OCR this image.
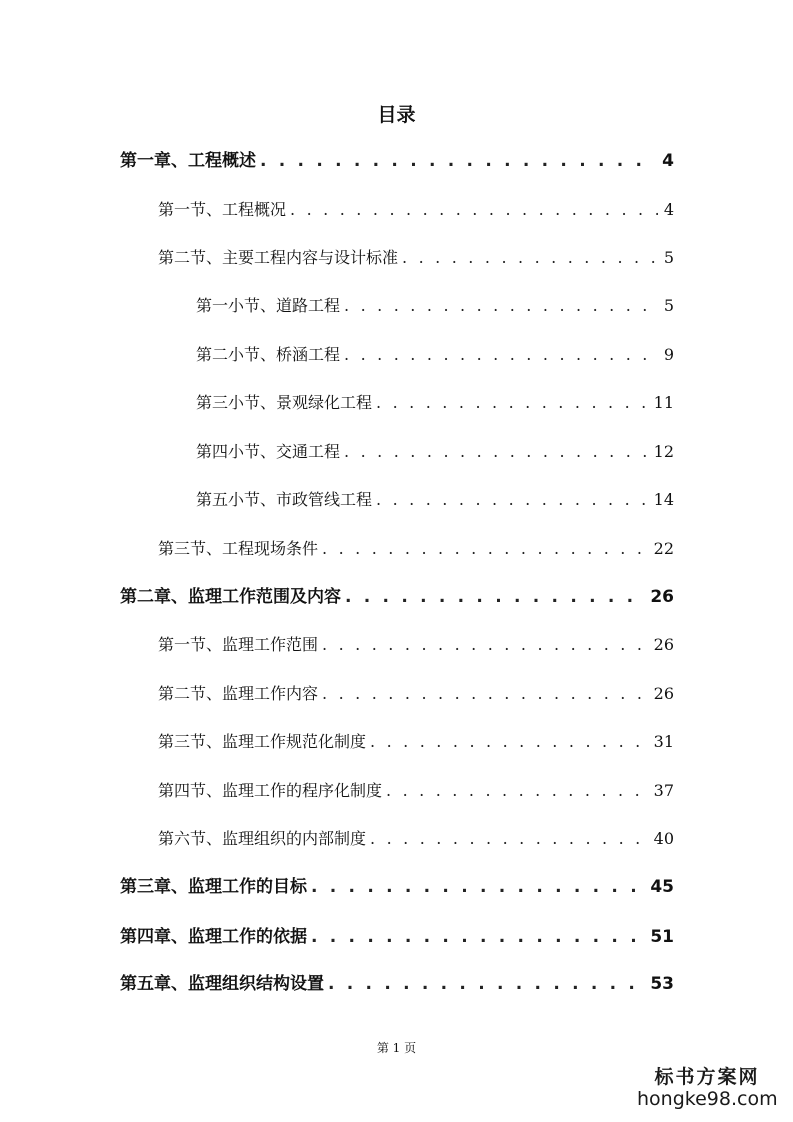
目录
第一章、工程概述 . . .	4
第一节、工程概况 . . .	4
第二节、主要工程内容与设计标准 . . .	5
第一小节、道路工程 . . .	5
第二小节、桥涵工程 . . .	9
第三小节、景观绿化工程 . . .	11
第四小节、交通工程 . . .	12
第五小节、市政管线工程 . . .	14
第三节、工程现场条件 . . .	22
第二章、监理工作范围及内容 . . .	26
第一节、监理工作范围 . . .	26
第二节、监理工作内容 . . .	26
第三节、监理工作规范化制度 . . .	31
第四节、监理工作的程序化制度 . . .	37
第六节、监理组织的内部制度 . . .	40
第三章、监理工作的目标 . . .	45
第四章、监理工作的依据 . . .	51
第五章、监理组织结构设置 . . .	53
第 1 页
标书方案网
hongke98.com
